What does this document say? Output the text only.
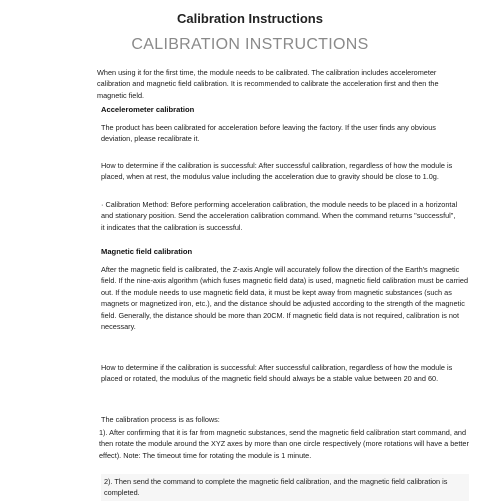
Calibration Instructions
CALIBRATION INSTRUCTIONS

When using it for the first time, the module needs to be calibrated. The calibration includes accelerometer calibration and magnetic field calibration. It is recommended to calibrate the acceleration first and then the magnetic field.

Accelerometer calibration

The product has been calibrated for acceleration before leaving the factory. If the user finds any obvious deviation, please recalibrate it.

How to determine if the calibration is successful: After successful calibration, regardless of how the module is placed, when at rest, the modulus value including the acceleration due to gravity should be close to 1.0g.

· Calibration Method: Before performing acceleration calibration, the module needs to be placed in a horizontal and stationary position. Send the acceleration calibration command. When the command returns "successful", it indicates that the calibration is successful.

Magnetic field calibration

After the magnetic field is calibrated, the Z-axis Angle will accurately follow the direction of the Earth's magnetic field. If the nine-axis algorithm (which fuses magnetic field data) is used, magnetic field calibration must be carried out. If the module needs to use magnetic field data, it must be kept away from magnetic substances (such as magnets or magnetized iron, etc.), and the distance should be adjusted according to the strength of the magnetic field. Generally, the distance should be more than 20CM. If magnetic field data is not required, calibration is not necessary.

How to determine if the calibration is successful: After successful calibration, regardless of how the module is placed or rotated, the modulus of the magnetic field should always be a stable value between 20 and 60.

The calibration process is as follows:

1). After confirming that it is far from magnetic substances, send the magnetic field calibration start command, and then rotate the module around the XYZ axes by more than one circle respectively (more rotations will have a better effect). Note: The timeout time for rotating the module is 1 minute.

2). Then send the command to complete the magnetic field calibration, and the magnetic field calibration is completed.
